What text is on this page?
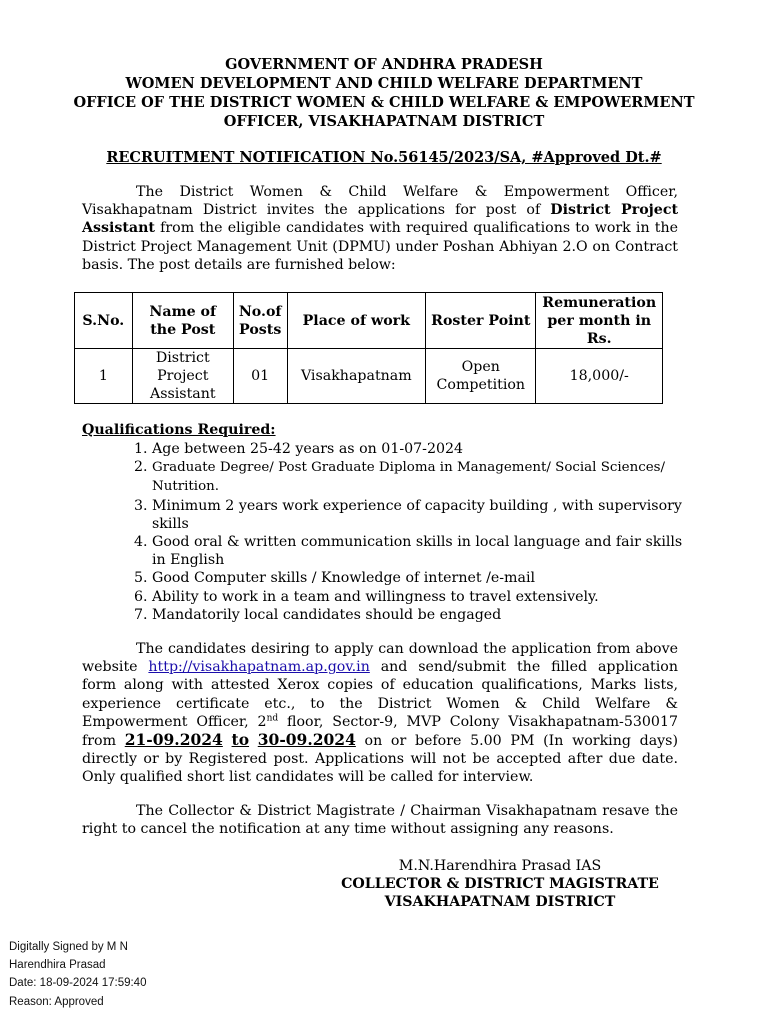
GOVERNMENT OF ANDHRA PRADESH
WOMEN DEVELOPMENT AND CHILD WELFARE DEPARTMENT
OFFICE OF THE DISTRICT WOMEN & CHILD WELFARE & EMPOWERMENT
OFFICER, VISAKHAPATNAM DISTRICT
RECRUITMENT NOTIFICATION No.56145/2023/SA, #Approved Dt.#
The District Women & Child Welfare & Empowerment Officer, Visakhapatnam District invites the applications for post of District Project Assistant from the eligible candidates with required qualifications to work in the District Project Management Unit (DPMU) under Poshan Abhiyan 2.O on Contract basis. The post details are furnished below:
S.No.	Name of the Post	No.of Posts	Place of work	Roster Point	Remuneration per month in Rs.
1	District Project Assistant	01	Visakhapatnam	Open Competition	18,000/-
Qualifications Required:
1. Age between 25-42 years as on 01-07-2024
2. Graduate Degree/ Post Graduate Diploma in Management/ Social Sciences/ Nutrition.
3. Minimum 2 years work experience of capacity building , with supervisory skills
4. Good oral & written communication skills in local language and fair skills in English
5. Good Computer skills / Knowledge of internet /e-mail
6. Ability to work in a team and willingness to travel extensively.
7. Mandatorily local candidates should be engaged
The candidates desiring to apply can download the application from above website http://visakhapatnam.ap.gov.in and send/submit the filled application form along with attested Xerox copies of education qualifications, Marks lists, experience certificate etc., to the District Women & Child Welfare & Empowerment Officer, 2nd floor, Sector-9, MVP Colony Visakhapatnam-530017 from 21-09.2024 to 30-09.2024 on or before 5.00 PM (In working days) directly or by Registered post. Applications will not be accepted after due date. Only qualified short list candidates will be called for interview.
The Collector & District Magistrate / Chairman Visakhapatnam resave the right to cancel the notification at any time without assigning any reasons.
M.N.Harendhira Prasad IAS
COLLECTOR & DISTRICT MAGISTRATE
VISAKHAPATNAM DISTRICT
Digitally Signed by M N
Harendhira Prasad
Date: 18-09-2024 17:59:40
Reason: Approved
